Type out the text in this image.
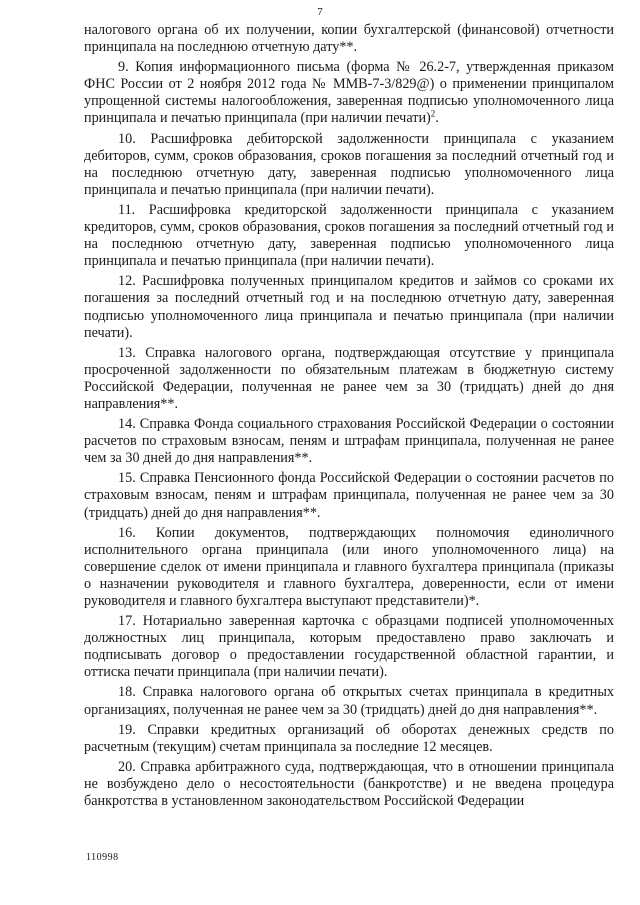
7

налогового органа об их получении, копии бухгалтерской (финансовой) отчетности принципала на последнюю отчетную дату**.

9. Копия информационного письма (форма № 26.2-7, утвержденная приказом ФНС России от 2 ноября 2012 года № ММВ-7-3/829@) о применении принципалом упрощенной системы налогообложения, заверенная подписью уполномоченного лица принципала и печатью принципала (при наличии печати)$^2$.

10. Расшифровка дебиторской задолженности принципала с указанием дебиторов, сумм, сроков образования, сроков погашения за последний отчетный год и на последнюю отчетную дату, заверенная подписью уполномоченного лица принципала и печатью принципала (при наличии печати).

11. Расшифровка кредиторской задолженности принципала с указанием кредиторов, сумм, сроков образования, сроков погашения за последний отчетный год и на последнюю отчетную дату, заверенная подписью уполномоченного лица принципала и печатью принципала (при наличии печати).

12. Расшифровка полученных принципалом кредитов и займов со сроками их погашения за последний отчетный год и на последнюю отчетную дату, заверенная подписью уполномоченного лица принципала и печатью принципала (при наличии печати).

13. Справка налогового органа, подтверждающая отсутствие у принципала просроченной задолженности по обязательным платежам в бюджетную систему Российской Федерации, полученная не ранее чем за 30 (тридцать) дней до дня направления**.

14. Справка Фонда социального страхования Российской Федерации о состоянии расчетов по страховым взносам, пеням и штрафам принципала, полученная не ранее чем за 30 дней до дня направления**.

15. Справка Пенсионного фонда Российской Федерации о состоянии расчетов по страховым взносам, пеням и штрафам принципала, полученная не ранее чем за 30 (тридцать) дней до дня направления**.

16. Копии документов, подтверждающих полномочия единоличного исполнительного органа принципала (или иного уполномоченного лица) на совершение сделок от имени принципала и главного бухгалтера принципала (приказы о назначении руководителя и главного бухгалтера, доверенности, если от имени руководителя и главного бухгалтера выступают представители)*.

17. Нотариально заверенная карточка с образцами подписей уполномоченных должностных лиц принципала, которым предоставлено право заключать и подписывать договор о предоставлении государственной областной гарантии, и оттиска печати принципала (при наличии печати).

18. Справка налогового органа об открытых счетах принципала в кредитных организациях, полученная не ранее чем за 30 (тридцать) дней до дня направления**.

19. Справки кредитных организаций об оборотах денежных средств по расчетным (текущим) счетам принципала за последние 12 месяцев.

20. Справка арбитражного суда, подтверждающая, что в отношении принципала не возбуждено дело о несостоятельности (банкротстве) и не введена процедура банкротства в установленном законодательством Российской Федерации

110998
